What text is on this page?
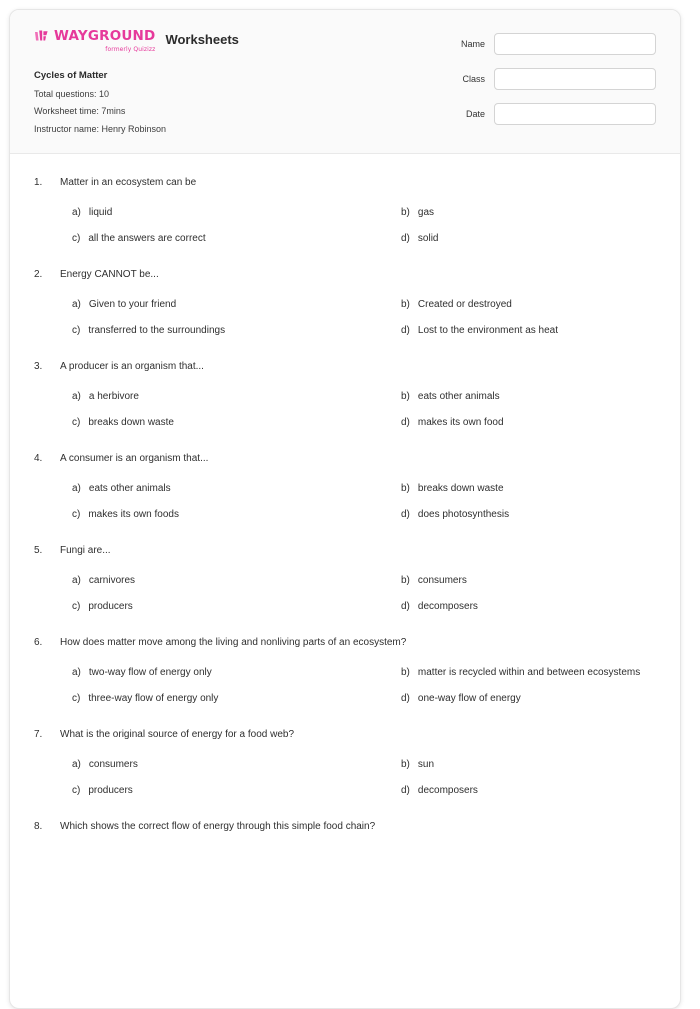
WAYGROUND
formerly Quizizz
Worksheets
Cycles of Matter
Total questions: 10
Worksheet time: 7mins
Instructor name: Henry Robinson
Name
Class
Date
1.	Matter in an ecosystem can be
a) liquid	b) gas
c) all the answers are correct	d) solid
2.	Energy CANNOT be...
a) Given to your friend	b) Created or destroyed
c) transferred to the surroundings	d) Lost to the environment as heat
3.	A producer is an organism that...
a) a herbivore	b) eats other animals
c) breaks down waste	d) makes its own food
4.	A consumer is an organism that...
a) eats other animals	b) breaks down waste
c) makes its own foods	d) does photosynthesis
5.	Fungi are...
a) carnivores	b) consumers
c) producers	d) decomposers
6.	How does matter move among the living and nonliving parts of an ecosystem?
a) two-way flow of energy only	b) matter is recycled within and between ecosystems
c) three-way flow of energy only	d) one-way flow of energy
7.	What is the original source of energy for a food web?
a) consumers	b) sun
c) producers	d) decomposers
8.	Which shows the correct flow of energy through this simple food chain?
